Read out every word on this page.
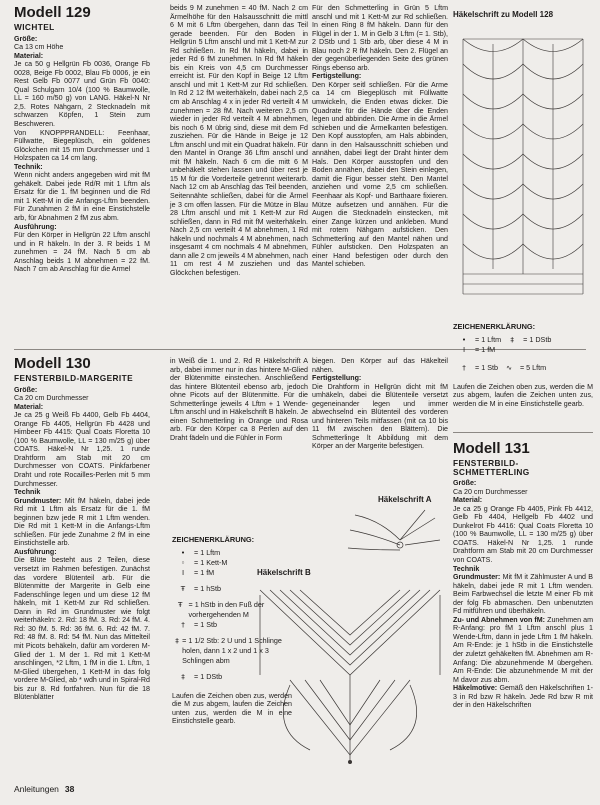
Modell 129
WICHTEL

Größe:
Ca 13 cm Höhe

Material:
Je ca 50 g Hellgrün Fb 0036, Orange Fb 0028, Beige Fb 0002, Blau Fb 0006, je ein Rest Gelb Fb 0077 und Grün Fb 0040: Qual Schulgarn 10/4 (100 % Baumwolle, LL = 160 m/50 g) von LANG. Häkel-N Nr 2,5. Rotes Nähgarn, 2 Stecknadeln mit schwarzen Köpfen, 1 Stein zum Beschweren.

Von KNOPPPRANDELL: Feenhaar, Füllwatte, Biegeplüsch, ein goldenes Glöckchen mit 15 mm Durchmesser und 1 Holzspaten ca 14 cm lang.

Technik:
Wenn nicht anders angegeben wird mit fM gehäkelt. Dabei jede Rd/R mit 1 Lftm als Ersatz für die 1. fM beginnen und die Rd mit 1 Kett-M in die Anfangs-Lftm beenden. Für Zunahmen 2 fM in eine Einstichstelle arb, für Abnahmen 2 fM zus abm.

Ausführung:
Für den Körper in Hellgrün 22 Lftm anschl und in R häkeln. In der 3. R beids 1 M zunehmen = 24 fM. Nach 5 cm ab Anschlag beids 1 M abnehmen = 22 fM. Nach 7 cm ab Anschlag für die Armel

Modell 130
FENSTERBILD-MARGERITE

Größe:
Ca 20 cm Durchmesser

Material:
Je ca 25 g Weiß Fb 4400, Gelb Fb 4404, Orange Fb 4405, Hellgrün Fb 4428 und Himbeer Fb 4415: Qual Coats Floretta 10 (100 % Baumwolle, LL = 130 m/25 g) über COATS. Häkel-N Nr 1,25. 1 runde Drahtform am Stab mit 20 cm Durchmesser von COATS. Pinkfarbener Draht und rote Rocailles-Perlen mit 5 mm Durchmesser.

Technik
Grundmuster: Mit fM häkeln, dabei jede Rd mit 1 Lftm als Ersatz für die 1. fM beginnen bzw jede R mit 1 Lftm wenden. Die Rd mit 1 Kett-M in die Anfangs-Lftm schließen. Für jede Zunahme 2 fM in eine Einstichstelle arb.

Ausführung:
Die Blüte besteht aus 2 Teilen, diese versetzt im Rahmen befestigen. Zunächst das vordere Blütenteil arb. Für die Blütenmitte der Margerite in Gelb eine Fadenschlinge legen und um diese 12 fM häkeln, mit 1 Kett-M zur Rd schließen. Dann in Rd im Grundmuster wie folgt weiterhäkeln: 2. Rd: 18 fM. 3. Rd: 24 fM. 4. Rd: 30 fM. 5. Rd: 36 fM. 6. Rd: 42 fM. 7. Rd: 48 fM. 8. Rd: 54 fM. Nun das Mittelteil mit Picots behäkeln, dafür am vorderen M-Glied der 1. M der 1. Rd mit 1 Kett-M anschlingen, *2 Lftm, 1 fM in die 1. Lftm, 1 M-Glied übergehen, 1 Kett-M in das folg vordere M-Glied, ab * wdh und in Spiral-Rd bis zur 8. Rd fortfahren. Nun für die 18 Blütenblätter

beids 9 M zunehmen = 40 fM. Nach 2 cm Ärmelhöhe für den Halsausschnitt die mittl 6 M mit 6 Lftm übergehen, dann das Teil gerade beenden. Für den Boden in Hellgrün 5 Lftm anschl und mit 1 Kett-M zur Rd schließen. In Rd fM häkeln, dabei in jeder Rd 6 fM zunehmen. In Rd fM häkeln bis ein Kreis von 4,5 cm Durchmesser erreicht ist. Für den Kopf in Beige 12 Lftm anschl und mit 1 Kett-M zur Rd schließen. In Rd 2 12 fM weiterhäkeln, dabei nach 2,5 cm ab Anschlag 4 x in jeder Rd verteilt 4 M zunehmen = 28 fM. Nach weiteren 2,5 cm wieder in jeder Rd verteilt 4 M abnehmen, bis noch 6 M übrig sind, diese mit dem Fd zusziehen. Für die Hände in Beige je 12 Lftm anschl und mit ein Quadrat häkeln. Für den Mantel in Orange 36 Lftm anschl und mit fM häkeln. Nach 6 cm die mitt 6 M unbehäkelt stehen lassen und über rest je 15 M für die Vorderteile getrennt weiterarb. Nach 12 cm ab Anschlag das Teil beenden, Seitennähte schließen, dabei für die Ärmel je 3 cm offen lassen. Für die Mütze in Blau 28 Lftm anschl und mit 1 Kett-M zur Rd schließen, dann in Rd mit fM weiterhäkeln. Nach 2,5 cm verteilt 4 M abnehmen, 1 Rd häkeln und nochmals 4 M abnehmen, nach insgesamt 4 cm nochmals 4 M abnehmen, dann alle 2 cm jeweils 4 M abnehmen, nach 11 cm rest 4 M zusziehen und das Glöckchen befestigen.

in Weiß die 1. und 2. Rd R Häkelschrift A arb, dabei immer nur in das hintere M-Glied der Blütenmitte einstechen. Anschließend das hintere Blütenteil ebenso arb, jedoch ohne Picots auf der Blütenmitte. Für die Schmetterlinge jeweils 4 Lftm + 1 Wende-Lftm anschl und in Häkelschrift B häkeln. Je einen Schmetterling in Orange und Rosa arb. Für den Körper ca 8 Perlen auf den Draht fädeln und die Fühler in Form

Für den Schmetterling in Grün 5 Lftm anschl und mit 1 Kett-M zur Rd schließen. In einen Ring 8 fM häkeln. Dann für den Flügel in der 1. M in Gelb 3 Lftm (= 1. Stb), 2 DStb und 1 Stb arb, über diese 4 M in Blau noch 2 R fM häkeln. Den 2. Flügel an der gegenüberliegenden Seite des grünen Rings ebenso arb.

Fertigstellung:
Den Körper seitl schließen. Für die Arme ca 14 cm Biegeplüsch mit Füllwatte umwickeln, die Enden etwas dicker. Die Quadrate für die Hände über die Enden legen und abbinden. Die Arme in die Ärmel schieben und die Ärmelkanten befestigen. Den Kopf ausstopfen, am Hals abbinden, dann in den Halsausschnitt schieben und annähen, dabei liegt der Draht hinter dem Hals. Den Körper ausstopfen und den Boden annähen, dabei den Stein einlegen, damit die Figur besser steht. Den Mantel anziehen und vorne 2,5 cm schließen. Feenhaar als Kopf- und Barthaare fixieren. Mütze aufsetzen und annähen. Für die Augen die Stecknadeln einstecken, mit einer Zange kürzen und ankleben. Mund mit rotem Nähgarn aufsticken. Den Schmetterling auf den Mantel nähen und Fühler aufsticken. Den Holzspaten an einer Hand befestigen oder durch den Mantel schieben.

biegen. Den Körper auf das Häkelteil nähen.

Fertigstellung:
Die Drahtform in Hellgrün dicht mit fM umhäkeln, dabei die Blütenteile versetzt gegeneinander legen und immer abwechselnd ein Blütenteil des vorderen und hinteren Teils mitfassen (mit ca 10 bis 11 fM zwischen den Blättern). Die Schmetterlinge lt Abbildung mit dem Körper an der Margerite befestigen.

ZEICHENERKLÄRUNG:
•	= 1 Lftm
◦	= 1 Kett-M
I	= 1 fM
Ŧ	= 1 hStb
Ŧ = 1 hStb in den Fuß der vorhergehenden M
†	= 1 Stb
‡ = 1 1/2 Stb: 2 U und 1 Schlinge holen, dann 1 x 2 und 1 x 3 Schlingen abm
‡	= 1 DStb

Laufen die Zeichen oben zus, werden die M zus abgem, laufen die Zeichen unten zus, werden die M in eine Einstichstelle gearb.

Häkelschrift A
Häkelschrift B
Häkelschrift zu Modell 128
ZEICHENERKLÄRUNG:
•	= 1 Lftm	‡	= 1 DStb
I	= 1 fM
†	= 1 Stb	∿	= 5 Lftm

Laufen die Zeichen oben zus, werden die M zus abgem, laufen die Zeichen unten zus, werden die M in eine Einstichstelle gearb.

Modell 131
FENSTERBILD-SCHMETTERLING

Größe:
Ca 20 cm Durchmesser

Material:
Je ca 25 g Orange Fb 4405, Pink Fb 4412, Gelb Fb 4404, Hellgelb Fb 4402 und Dunkelrot Fb 4416: Qual Coats Floretta 10 (100 % Baumwolle, LL = 130 m/25 g) über COATS. Häkel-N Nr 1,25. 1 runde Drahtform am Stab mit 20 cm Durchmesser von COATS.

Technik
Grundmuster: Mit fM it Zählmuster A und B häkeln, dabei jede R mit 1 Lftm wenden. Beim Farbwechsel die letzte M einer Fb mit der folg Fb abmaschen. Den unbenutzten Fd mitführen und überhäkeln.

Zu- und Abnehmen von fM: Zunehmen am R-Anfang: pro fM 1 Lftm anschl plus 1 Wende-Lftm, dann in jede Lftm 1 fM häkeln. Am R-Ende: je 1 hStb in die Einstichstelle der zuletzt gehäkelten fM. Abnehmen am R-Anfang: Die abzunehmende M übergehen. Am R-Ende: Die abzunehmende M mit der M davor zus abm.

Häkelmotive: Gemäß den Häkelschriften 1-3 in Rd bzw R häkeln. Jede Rd bzw R mit der in den Häkelschriften

Anleitungen 38
